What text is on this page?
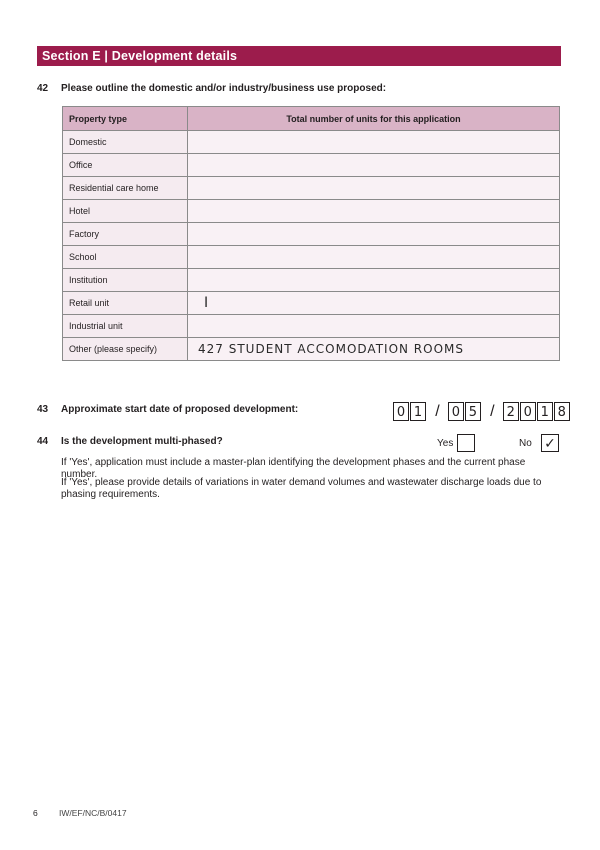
Section E | Development details
42 Please outline the domestic and/or industry/business use proposed:
Property type	Total number of units for this application
Domestic	
Office	
Residential care home	
Hotel	
Factory	
School	
Institution	
Retail unit	I
Industrial unit	
Other (please specify)	427 STUDENT ACCOMODATION ROOMS
43 Approximate start date of proposed development:	0 1 / 0 5 / 2 0 1 8
44 Is the development multi-phased?	Yes	No ✓
If 'Yes', application must include a master-plan identifying the development phases and the current phase number.
If 'Yes', please provide details of variations in water demand volumes and wastewater discharge loads due to phasing requirements.
6	IW/EF/NC/B/0417
